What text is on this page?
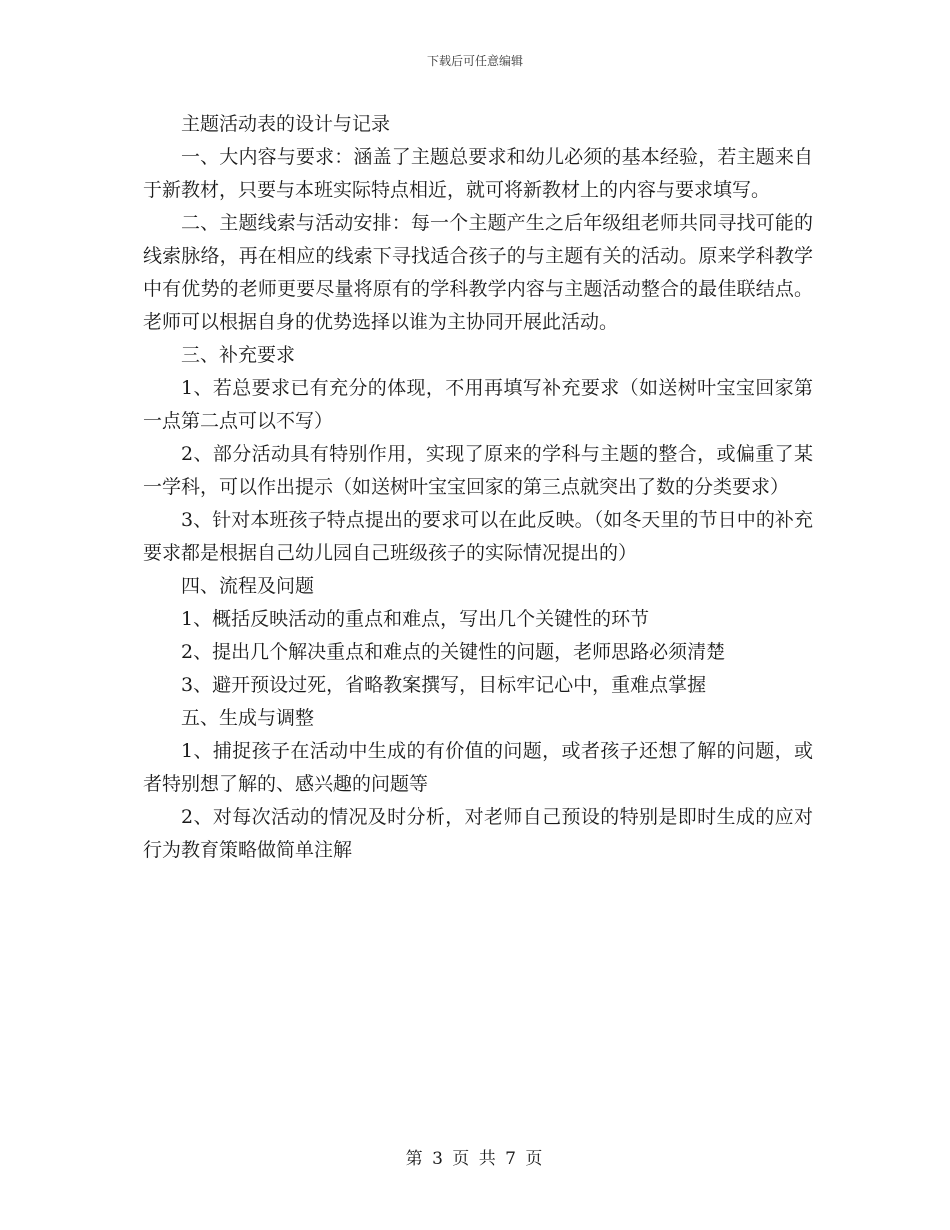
下载后可任意编辑

主题活动表的设计与记录

一、大内容与要求：涵盖了主题总要求和幼儿必须的基本经验，若主题来自于新教材，只要与本班实际特点相近，就可将新教材上的内容与要求填写。

二、主题线索与活动安排：每一个主题产生之后年级组老师共同寻找可能的线索脉络，再在相应的线索下寻找适合孩子的与主题有关的活动。原来学科教学中有优势的老师更要尽量将原有的学科教学内容与主题活动整合的最佳联结点。老师可以根据自身的优势选择以谁为主协同开展此活动。

三、补充要求

1、若总要求已有充分的体现，不用再填写补充要求（如送树叶宝宝回家第一点第二点可以不写）

2、部分活动具有特别作用，实现了原来的学科与主题的整合，或偏重了某一学科，可以作出提示（如送树叶宝宝回家的第三点就突出了数的分类要求）

3、针对本班孩子特点提出的要求可以在此反映。（如冬天里的节日中的补充要求都是根据自己幼儿园自己班级孩子的实际情况提出的）

四、流程及问题

1、概括反映活动的重点和难点，写出几个关键性的环节

2、提出几个解决重点和难点的关键性的问题，老师思路必须清楚

3、避开预设过死，省略教案撰写，目标牢记心中，重难点掌握

五、生成与调整

1、捕捉孩子在活动中生成的有价值的问题，或者孩子还想了解的问题，或者特别想了解的、感兴趣的问题等

2、对每次活动的情况及时分析，对老师自己预设的特别是即时生成的应对行为教育策略做简单注解

第 3 页 共 7 页
